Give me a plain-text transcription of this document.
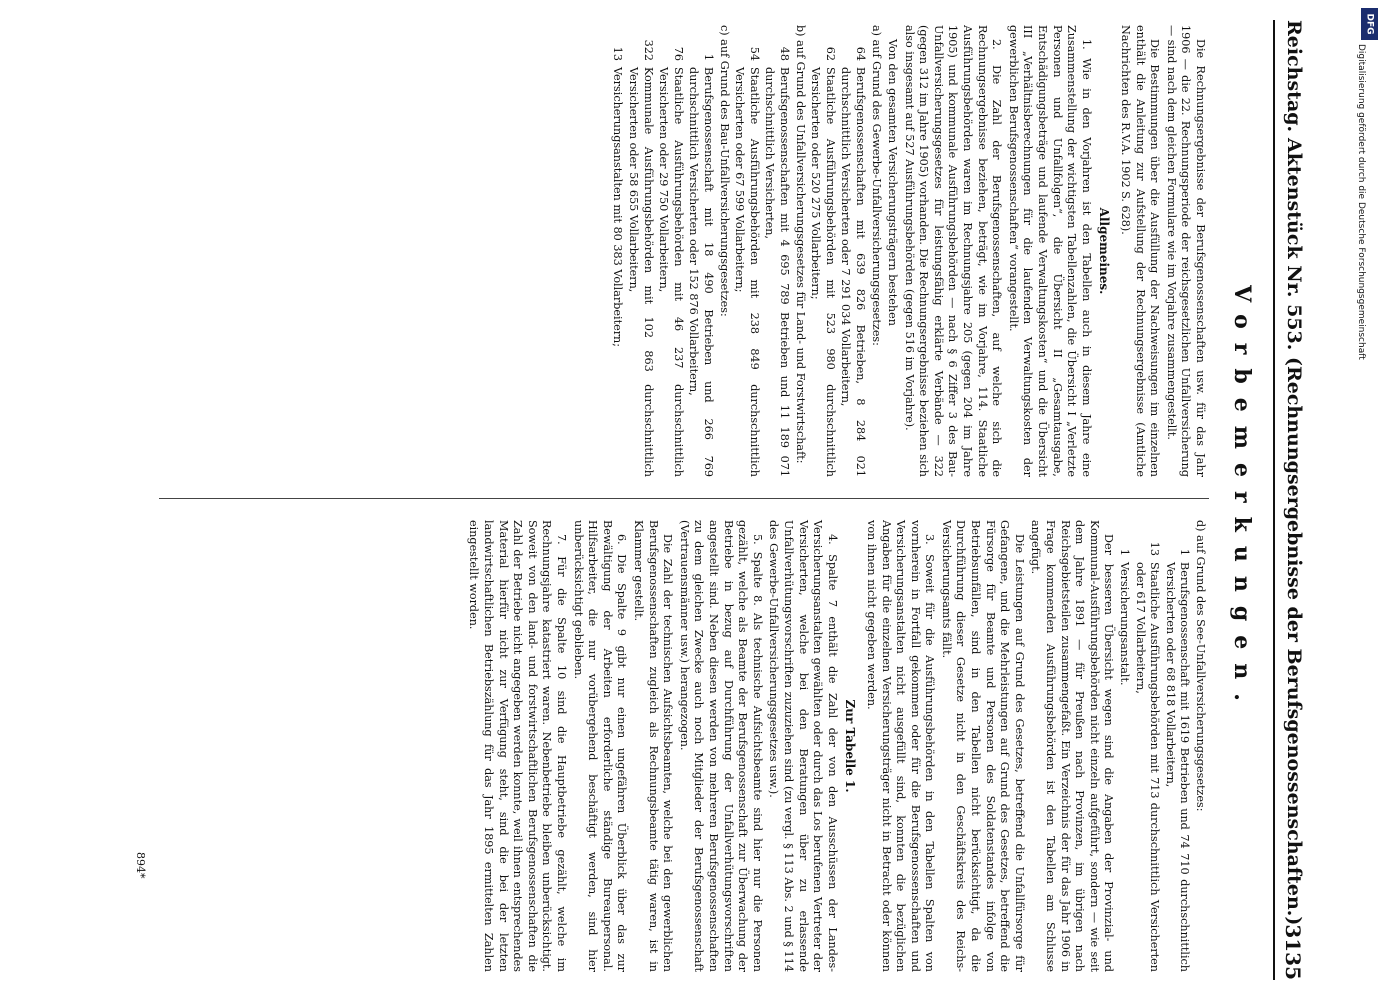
Reichstag.
Aktenstück Nr. 553. (Rechnungsergebnisse der Berufsgenossenschaften.)
3135
Vorbemerkungen.

Die Rechnungsergebnisse der Berufsgenossenschaften usw. für das Jahr 1906 — die 22. Rechnungsperiode der reichsgesetzlichen Unfallversicherung — sind nach dem gleichen Formulare wie im Vorjahre zusammengestellt.

Die Bestimmungen über die Ausfüllung der Nachweisungen im einzelnen enthält die Anleitung zur Aufstellung der Rechnungsergebnisse (Amtliche Nachrichten des R.V.A. 1902 S. 628).

Allgemeines.

1. Wie in den Vorjahren ist den Tabellen auch in diesem Jahre eine Zusammenstellung der wichtigsten Tabellenzahlen, die Übersicht I „Verletzte Personen und Unfallfolgen“, die Übersicht II „Gesamtausgabe, Entschädigungsbeträge und laufende Verwaltungskosten“ und die Übersicht III „Verhältnisberechnungen für die laufenden Verwaltungskosten der gewerblichen Berufsgenossenschaften“ vorangestellt.

2. Die Zahl der Berufsgenossenschaften, auf welche sich die Rechnungsergebnisse beziehen, beträgt, wie im Vorjahre, 114. Staatliche Ausführungsbehörden waren im Rechnungsjahre 205 (gegen 204 im Jahre 1905) und kommunale Ausführungsbehörden — nach § 6 Ziffer 3 des Bau-Unfallversicherungsgesetzes für leistungsfähig erklärte Verbände — 322 (gegen 312 im Jahre 1905) vorhanden. Die Rechnungsergebnisse beziehen sich also insgesamt auf 527 Ausführungsbehörden (gegen 516 im Vorjahre).

Von den gesamten Versicherungsträgern bestehen

a) auf Grund des Gewerbe-Unfallversicherungsgesetzes:
64
Berufsgenossenschaften mit 639 826 Betrieben, 8 284 021 durchschnittlich Versicherten oder 7 291 034 Vollarbeitern,
62
Staatliche Ausführungsbehörden mit 523 980 durchschnittlich Versicherten oder 520 275 Vollarbeitern;
b) auf Grund des Unfallversicherungsgesetzes für Land- und Forstwirtschaft:
48
Berufsgenossenschaften mit 4 695 789 Betrieben und 11 189 071 durchschnittlich Versicherten,
54
Staatliche Ausführungsbehörden mit 238 849 durchschnittlich Versicherten oder 67 599 Vollarbeitern;
c) auf Grund des Bau-Unfallversicherungsgesetzes:
1
Berufsgenossenschaft mit 18 490 Betrieben und 266 769 durchschnittlich Versicherten oder 152 876 Vollarbeitern,
76
Staatliche Ausführungsbehörden mit 46 237 durchschnittlich Versicherten oder 29 750 Vollarbeitern,
322
Kommunale Ausführungsbehörden mit 102 863 durchschnittlich Versicherten oder 58 655 Vollarbeitern,
13
Versicherungsanstalten mit 80 383 Vollarbeitern;
d) auf Grund des See-Unfallversicherungsgesetzes:
1
Berufsgenossenschaft mit 1619 Betrieben und 74 710 durchschnittlich Versicherten oder 68 818 Vollarbeitern,
13
Staatliche Ausführungsbehörden mit 713 durchschnittlich Versicherten oder 617 Vollarbeitern,
1
Versicherungsanstalt.

Der besseren Übersicht wegen sind die Angaben der Provinzial- und Kommunal-Ausführungsbehörden nicht einzeln aufgeführt, sondern — wie seit dem Jahre 1891 — für Preußen nach Provinzen, im übrigen nach Reichsgebietsteilen zusammengefaßt. Ein Verzeichnis der für das Jahr 1906 in Frage kommenden Ausführungsbehörden ist den Tabellen am Schlusse angefügt.

Die Leistungen auf Grund des Gesetzes, betreffend die Unfallfürsorge für Gefangene, und die Mehrleistungen auf Grund des Gesetzes, betreffend die Fürsorge für Beamte und Personen des Soldatenstandes infolge von Betriebsunfällen, sind in den Tabellen nicht berücksichtigt, da die Durchführung dieser Gesetze nicht in den Geschäftskreis des Reichs-Versicherungsamts fällt.

3. Soweit für die Ausführungsbehörden in den Tabellen Spalten von vornherein in Fortfall gekommen oder für die Berufsgenossenschaften und Versicherungsanstalten nicht ausgefüllt sind, konnten die bezüglichen Angaben für die einzelnen Versicherungsträger nicht in Betracht oder können von ihnen nicht gegeben werden.

Zur Tabelle 1.

4. Spalte 7 enthält die Zahl der von den Ausschüssen der Landes-Versicherungsanstalten gewählten oder durch das Los berufenen Vertreter der Versicherten, welche bei den Beratungen über zu erlassende Unfallverhütungsvorschriften zuzuziehen sind (zu vergl. § 113 Abs. 2 und § 114 des Gewerbe-Unfallversicherungsgesetzes usw.).

5. Spalte 8. Als technische Aufsichtsbeamte sind hier nur die Personen gezählt, welche als Beamte der Berufsgenossenschaft zur Überwachung der Betriebe in bezug auf Durchführung der Unfallverhütungsvorschriften angestellt sind. Neben diesen werden von mehreren Berufsgenossenschaften zu dem gleichen Zwecke auch noch Mitglieder der Berufsgenossenschaft (Vertrauensmänner usw.) herangezogen.

Die Zahl der technischen Aufsichtsbeamten, welche bei den gewerblichen Berufsgenossenschaften zugleich als Rechnungsbeamte tätig waren, ist in Klammer gestellt.

6. Die Spalte 9 gibt nur einen ungefähren Überblick über das zur Bewältigung der Arbeiten erforderliche ständige Bureaupersonal. Hilfsarbeiter, die nur vorübergehend beschäftigt werden, sind hier unberücksichtigt geblieben.

7. Für die Spalte 10 sind die Hauptbetriebe gezählt, welche im Rechnungsjahre katastriert waren. Nebenbetriebe bleiben unberücksichtigt. Soweit von den land- und forstwirtschaftlichen Berufsgenossenschaften die Zahl der Betriebe nicht angegeben werden konnte, weil ihnen entsprechendes Material hierfür nicht zur Verfügung steht, sind die bei der letzten landwirtschaftlichen Betriebszählung für das Jahr 1895 ermittelten Zahlen eingestellt worden.

894*
DFG
Digitalisierung gefördert durch die Deutsche Forschungsgemeinschaft
